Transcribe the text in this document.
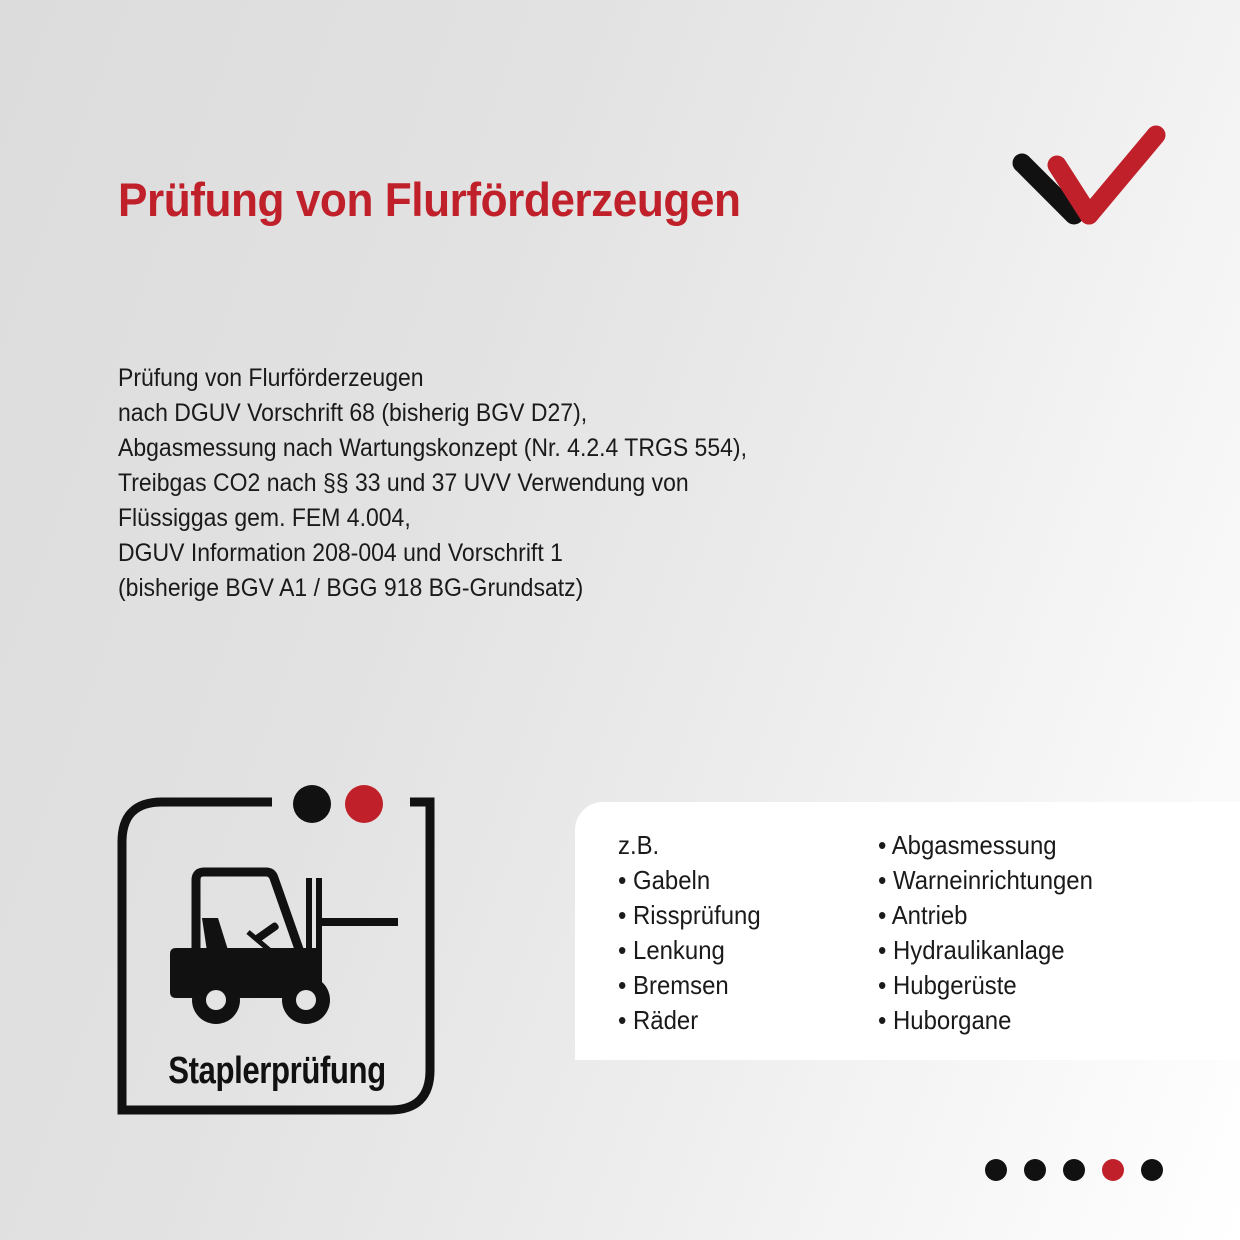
Prüfung von Flurförderzeugen
Prüfung von Flurförderzeugen
nach DGUV Vorschrift 68 (bisherig BGV D27),
Abgasmessung nach Wartungskonzept (Nr. 4.2.4 TRGS 554),
Treibgas CO2 nach §§ 33 und 37 UVV Verwendung von
Flüssiggas gem. FEM 4.004,
DGUV Information 208-004 und Vorschrift 1
(bisherige BGV A1 / BGG 918 BG-Grundsatz)
Staplerprüfung
z.B.
• Gabeln
• Rissprüfung
• Lenkung
• Bremsen
• Räder
• Abgasmessung
• Warneinrichtungen
• Antrieb
• Hydraulikanlage
• Hubgerüste
• Huborgane
